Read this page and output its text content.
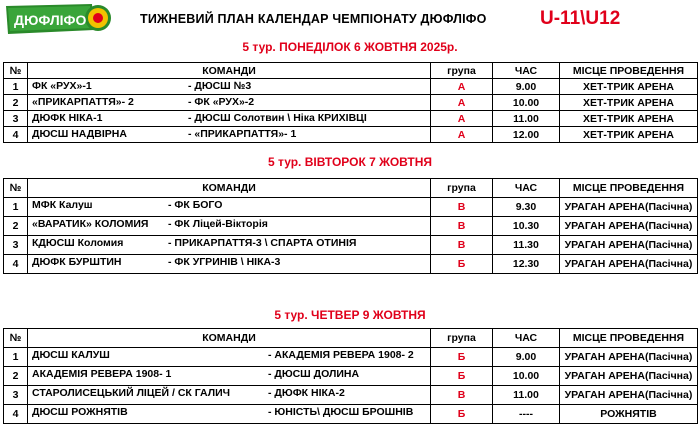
ДЮФЛІФО	ТИЖНЕВИЙ ПЛАН КАЛЕНДАР ЧЕМПІОНАТУ ДЮФЛІФО	U-11\U12
5 тур. ПОНЕДІЛОК 6 ЖОВТНЯ 2025р.
№	КОМАНДИ	група	ЧАС	МІСЦЕ ПРОВЕДЕННЯ
1	ФК «РУХ»-1 - ДЮСШ №3	А	9.00	ХЕТ-ТРИК АРЕНА
2	«ПРИКАРПАТТЯ»- 2 - ФК «РУХ»-2	А	10.00	ХЕТ-ТРИК АРЕНА
3	ДЮФК НІКА-1 - ДЮСШ Солотвин \ Ніка КРИХІВЦІ	А	11.00	ХЕТ-ТРИК АРЕНА
4	ДЮСШ НАДВІРНА - «ПРИКАРПАТТЯ»- 1	А	12.00	ХЕТ-ТРИК АРЕНА
5 тур. ВІВТОРОК 7 ЖОВТНЯ
№	КОМАНДИ	група	ЧАС	МІСЦЕ ПРОВЕДЕННЯ
1	МФК Калуш - ФК БОГО	В	9.30	УРАГАН АРЕНА(Пасічна)
2	«ВАРАТИК» КОЛОМИЯ - ФК Ліцей-Вікторія	В	10.30	УРАГАН АРЕНА(Пасічна)
3	КДЮСШ Коломия - ПРИКАРПАТТЯ-3 \ СПАРТА ОТИНІЯ	В	11.30	УРАГАН АРЕНА(Пасічна)
4	ДЮФК БУРШТИН - ФК УГРИНІВ \ НІКА-3	Б	12.30	УРАГАН АРЕНА(Пасічна)
5 тур. ЧЕТВЕР 9 ЖОВТНЯ
№	КОМАНДИ	група	ЧАС	МІСЦЕ ПРОВЕДЕННЯ
1	ДЮСШ КАЛУШ - АКАДЕМІЯ РЕВЕРА 1908- 2	Б	9.00	УРАГАН АРЕНА(Пасічна)
2	АКАДЕМІЯ РЕВЕРА 1908- 1 - ДЮСШ ДОЛИНА	Б	10.00	УРАГАН АРЕНА(Пасічна)
3	СТАРОЛИСЕЦЬКИЙ ЛІЦЕЙ / СК ГАЛИЧ - ДЮФК НІКА-2	В	11.00	УРАГАН АРЕНА(Пасічна)
4	ДЮСШ РОЖНЯТІВ - ЮНІСТЬ\ ДЮСШ БРОШНІВ	Б	----	РОЖНЯТІВ
